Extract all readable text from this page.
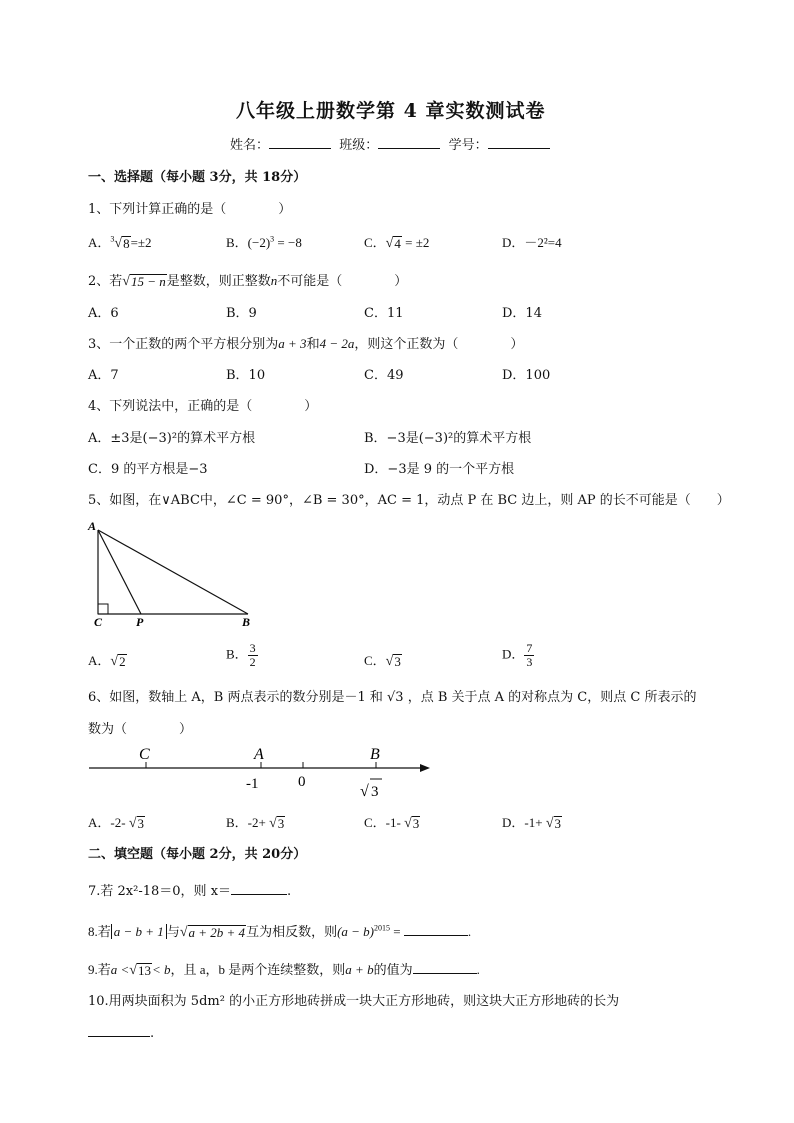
八年级上册数学第 4 章实数测试卷
姓名：	班级：	学号：
一、选择题（每小题 3分，共 18分）
1、下列计算正确的是（　　　　）
A．$^3$ √ 8 =±2	B．$(-2)^3 = -8$	C． √ 4 = ±2	D．－2²=4
2、若 √ 15 − n 是整数，则正整数n不可能是（　　　　）
A．6	B．9	C．11	D．14
3、一个正数的两个平方根分别为a + 3和4 − 2a，则这个正数为（　　　　）
A．7	B．10	C．49	D．100
4、下列说法中，正确的是（　　　　）
A．±3是(−3)²的算术平方根	B．−3是(−3)²的算术平方根
C．9 的平方根是−3	D．−3是 9 的一个平方根
5、如图，在∨ABC中，∠C = 90°，∠B = 30°，AC = 1，动点 P 在 BC 边上，则 AP 的长不可能是（　　）
A
C	P	B
A． √ 2
B． $\frac{3}{2}$	C． √ 3
D． $\frac{7}{3}$
6、如图，数轴上 A，B 两点表示的数分别是－1 和 √3 ，点 B 关于点 A 的对称点为 C，则点 C 所表示的
数为（　　　　）
C	A	B
-1	0
√ 3
A．-2- √ 3	B．-2+ √ 3	C．-1- √ 3	D．-1+ √ 3
二、填空题（每小题 2分，共 20分）
7.若 2x²-18＝0，则 x＝	.
8.若 a − b + 1 与 √ a + 2b + 4 互为相反数，则$(a - b)^{2015}$ =	.
9.若a < √ 13 < b，且 a，b 是两个连续整数，则a + b的值为	.
10.用两块面积为 5dm² 的小正方形地砖拼成一块大正方形地砖，则这块大正方形地砖的长为
.
